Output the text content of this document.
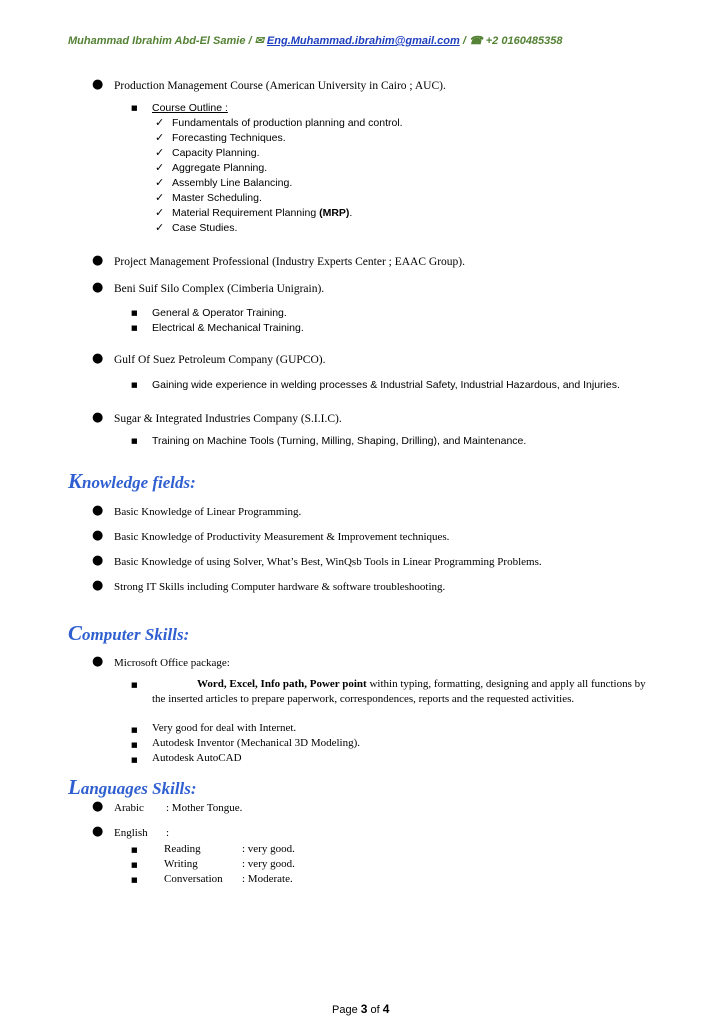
Muhammad Ibrahim Abd-El Samie / ✉ Eng.Muhammad.ibrahim@gmail.com / ☎ +2 0160485358
● Production Management Course (American University in Cairo ; AUC).
■ Course Outline :
✓ Fundamentals of production planning and control.
✓ Forecasting Techniques.
✓ Capacity Planning.
✓ Aggregate Planning.
✓ Assembly Line Balancing.
✓ Master Scheduling.
✓ Material Requirement Planning (MRP).
✓ Case Studies.
● Project Management Professional (Industry Experts Center ; EAAC Group).
● Beni Suif Silo Complex (Cimberia Unigrain).
■ General & Operator Training.
■ Electrical & Mechanical Training.
● Gulf Of Suez Petroleum Company (GUPCO).
■ Gaining wide experience in welding processes & Industrial Safety, Industrial Hazardous, and Injuries.
● Sugar & Integrated Industries Company (S.I.I.C).
■ Training on Machine Tools (Turning, Milling, Shaping, Drilling), and Maintenance.
Knowledge fields:
● Basic Knowledge of Linear Programming.
● Basic Knowledge of Productivity Measurement & Improvement techniques.
● Basic Knowledge of using Solver, What’s Best, WinQsb Tools in Linear Programming Problems.
● Strong IT Skills including Computer hardware & software troubleshooting.
Computer Skills:
● Microsoft Office package:
■	Word, Excel, Info path, Power point within typing, formatting, designing and apply all functions by the inserted articles to prepare paperwork, correspondences, reports and the requested activities.
■ Very good for deal with Internet.
■ Autodesk Inventor (Mechanical 3D Modeling).
■ Autodesk AutoCAD
Languages Skills:
● Arabic : Mother Tongue.
● English :
■ Reading	: very good.
■ Writing	: very good.
■ Conversation : Moderate.
Page 3 of 4
